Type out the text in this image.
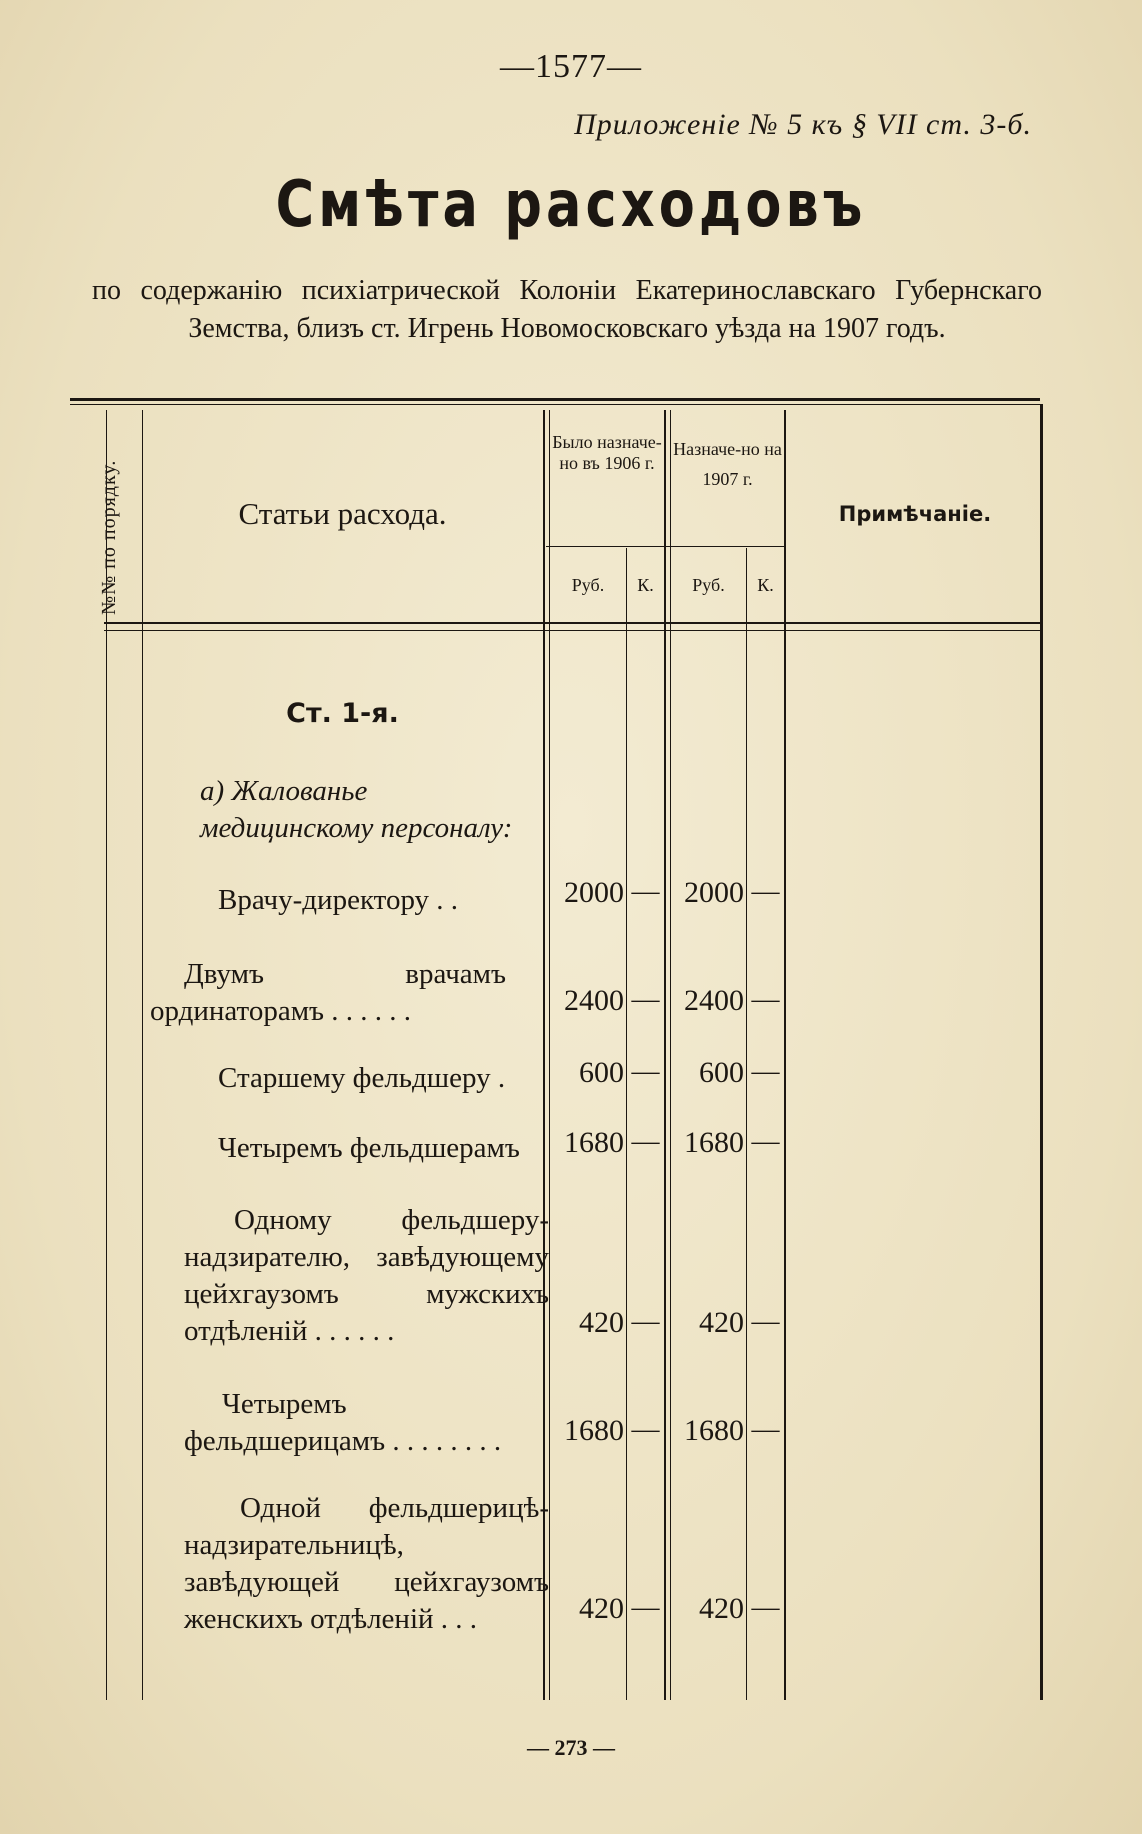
—1577—
Приложеніе № 5 къ § VII ст. 3-б.
Смѣта расходовъ
по содержанію психіатрической Колоніи Екатеринославскаго Губернскаго Земства, близъ ст. Игрень Новомосковскаго уѣзда на 1907 годъ.
№№ по порядку.	Статьи расхода.
Было назначе-но въ 1906 г.
Назначе-но на 1907 г.
Примѣчаніе.
Руб.	К.	Руб.	К.
Ст. 1-я.
а) Жалованье медицинскому персоналу:
Врачу-директору . .	2000 — 2000 —
Двумъ врачамъ ординаторамъ . . . . . .	2400 — 2400 —
Старшему фельдшеру .	600 —	600 —
Четыремъ фельдшерамъ	1680 — 1680 —
Одному фельдшеру-надзирателю, завѣдующему цейхгаузомъ мужскихъ отдѣленій . . . . . .	420 —	420 —
Четыремъ фельдшерицамъ . . . . . . . .	1680 — 1680 —
Одной фельдшерицѣ-надзирательницѣ, завѣдующей цейхгаузомъ женскихъ отдѣленій . . .	420 —	420 —
— 273 —
